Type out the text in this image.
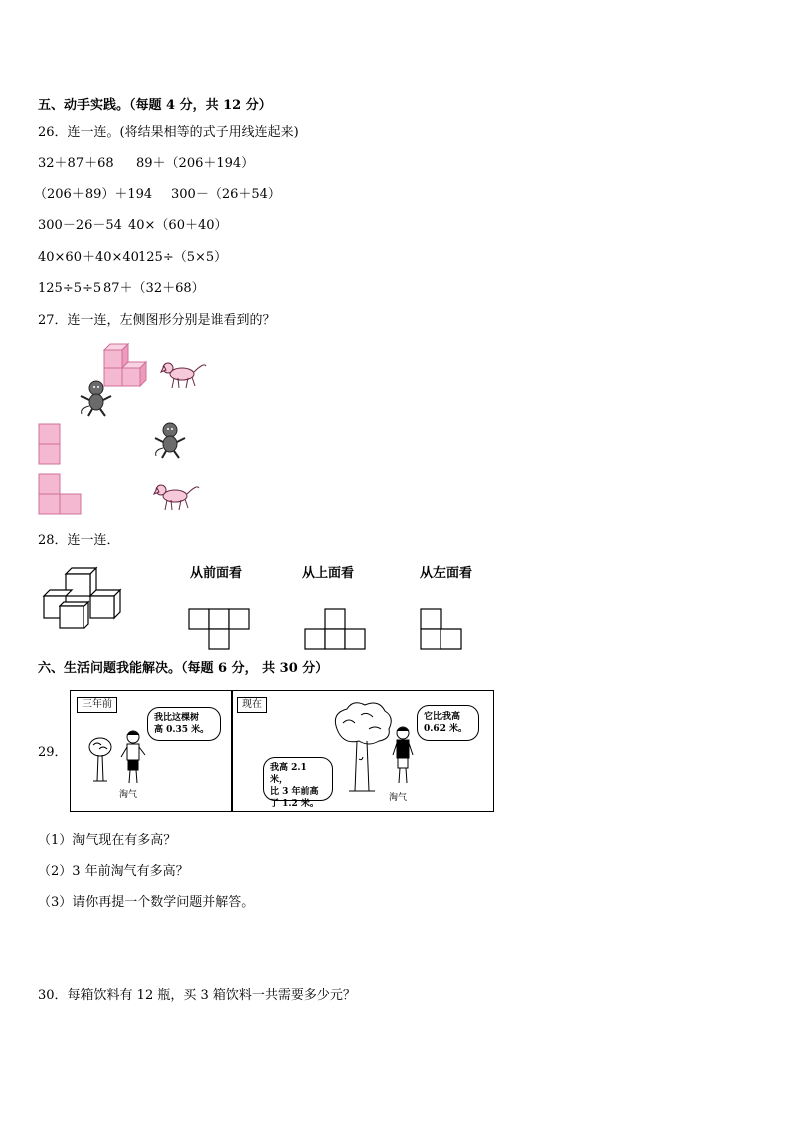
五、动手实践。（每题 4 分，共 12 分）
26．连一连。(将结果相等的式子用线连起来)
32＋87＋68 89＋（206＋194）
（206＋89）＋194 300－（26＋54）
300－26－54 40×（60＋40）
40×60＋40×40 125÷（5×5）
125÷5÷5 87＋（32＋68）
27．连一连，左侧图形分别是谁看到的？
28．连一连．
从前面看	从上面看	从左面看
六、生活问题我能解决。（每题 6 分， 共 30 分）
29．
三年前
淘气
我比这棵树
高 0.35 米。
现在
淘气
它比我高
0.62 米。
我高 2.1 米，
比 3 年前高
了 1.2 米。
（1）淘气现在有多高？
（2）3 年前淘气有多高？
（3）请你再提一个数学问题并解答。
30．每箱饮料有 12 瓶，买 3 箱饮料一共需要多少元？
